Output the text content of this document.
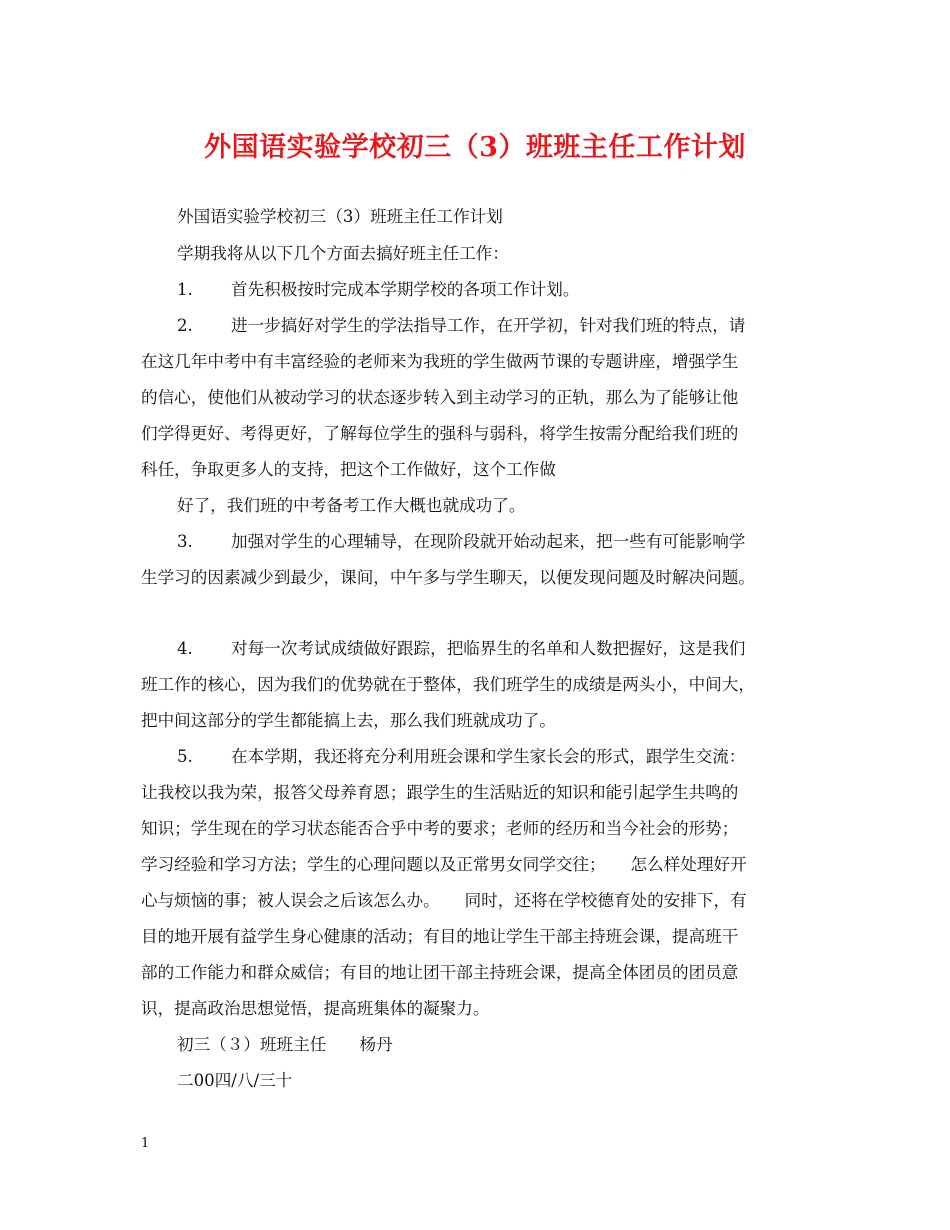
外国语实验学校初三（3）班班主任工作计划

外国语实验学校初三（3）班班主任工作计划

学期我将从以下几个方面去搞好班主任工作：

1. 首先积极按时完成本学期学校的各项工作计划。

2. 进一步搞好对学生的学法指导工作，在开学初，针对我们班的特点，请

在这几年中考中有丰富经验的老师来为我班的学生做两节课的专题讲座，增强学生

的信心，使他们从被动学习的状态逐步转入到主动学习的正轨，那么为了能够让他

们学得更好、考得更好，了解每位学生的强科与弱科，将学生按需分配给我们班的

科任，争取更多人的支持，把这个工作做好，这个工作做

好了，我们班的中考备考工作大概也就成功了。

3. 加强对学生的心理辅导，在现阶段就开始动起来，把一些有可能影响学

生学习的因素减少到最少，课间，中午多与学生聊天，以便发现问题及时解决问题。

4. 对每一次考试成绩做好跟踪，把临界生的名单和人数把握好，这是我们

班工作的核心，因为我们的优势就在于整体，我们班学生的成绩是两头小，中间大，

把中间这部分的学生都能搞上去，那么我们班就成功了。

5. 在本学期，我还将充分利用班会课和学生家长会的形式，跟学生交流：

让我校以我为荣，报答父母养育恩；跟学生的生活贴近的知识和能引起学生共鸣的

知识；学生现在的学习状态能否合乎中考的要求；老师的经历和当今社会的形势；

学习经验和学习方法；学生的心理问题以及正常男女同学交往；　　怎么样处理好开

心与烦恼的事；被人误会之后该怎么办。　　同时，还将在学校德育处的安排下，有

目的地开展有益学生身心健康的活动；有目的地让学生干部主持班会课，提高班干

部的工作能力和群众威信；有目的地让团干部主持班会课，提高全体团员的团员意

识，提高政治思想觉悟，提高班集体的凝聚力。

初三（３）班班主任　　杨丹

二00四/八/三十

1
